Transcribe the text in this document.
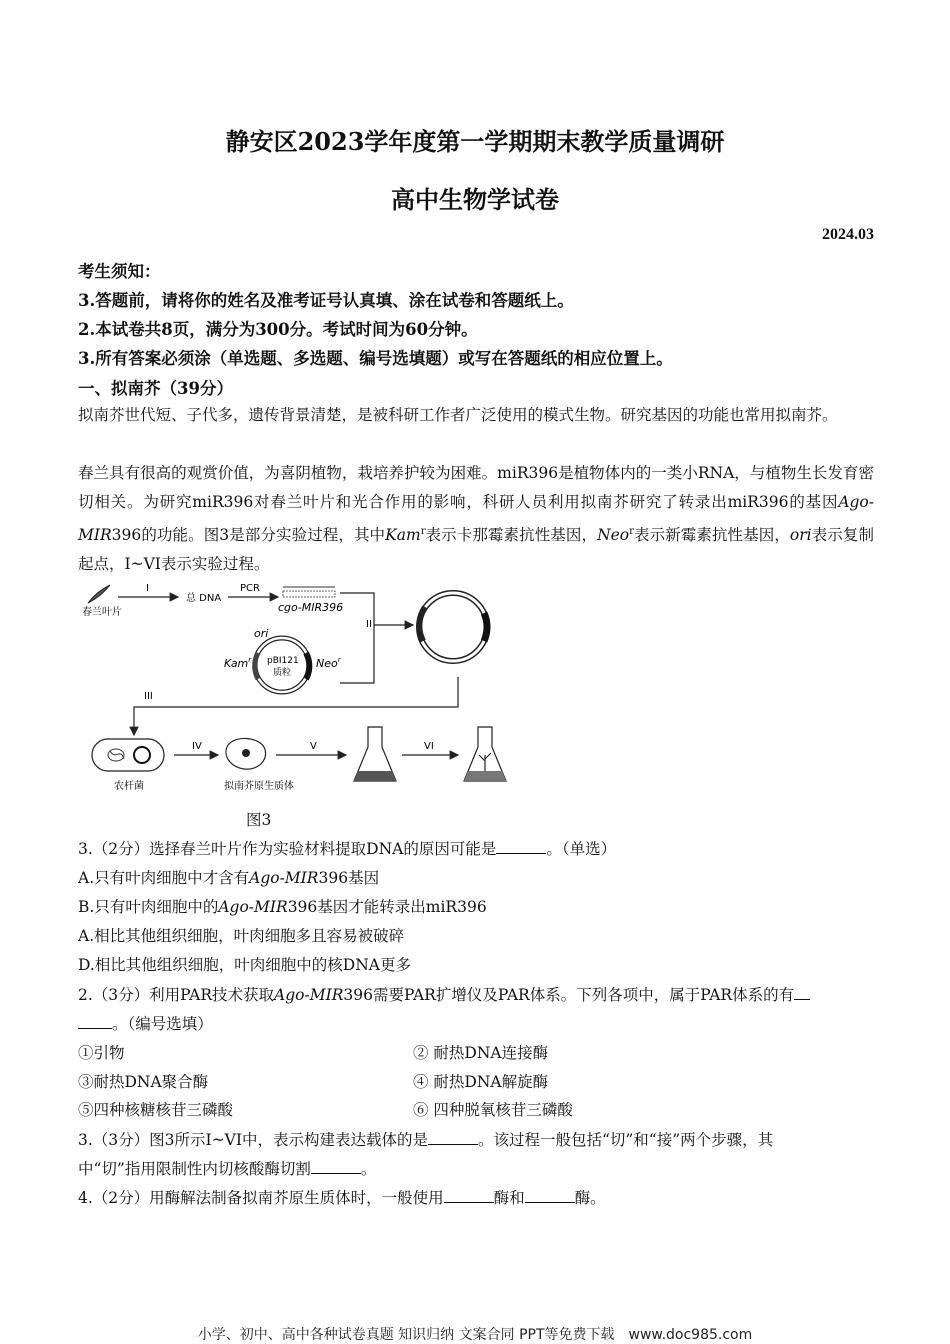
静安区2023学年度第一学期期末教学质量调研
高中生物学试卷
2024.03
考生须知：
3.答题前，请将你的姓名及准考证号认真填、涂在试卷和答题纸上。
2.本试卷共8页，满分为300分。考试时间为60分钟。
3.所有答案必须涂（单选题、多选题、编号选填题）或写在答题纸的相应位置上。
一、拟南芥（39分）
拟南芥世代短、子代多，遗传背景清楚，是被科研工作者广泛使用的模式生物。研究基因的功能也常用拟南芥。
春兰具有很高的观赏价值，为喜阴植物，栽培养护较为困难。miR396是植物体内的一类小RNA，与植物生长发育密切相关。为研究miR396对春兰叶片和光合作用的影响，科研人员利用拟南芥研究了转录出miR396的基因Ago-MIR396的功能。图3是部分实验过程，其中Kam$^r$表示卡那霉素抗性基因，Neo$^r$表示新霉素抗性基因，ori表示复制起点，I~VI表示实验过程。
春兰叶片
I
总 DNA
PCR
cgo-MIR396
II
ori
pBI121
质粒
Kam$^r$	Neo$^r$
III
农杆菌
IV
拟南芥原生质体
V	VI
图3
3.（2分）选择春兰叶片作为实验材料提取DNA的原因可能是	。（单选）
A.只有叶肉细胞中才含有Ago-MIR396基因
B.只有叶肉细胞中的Ago-MIR396基因才能转录出miR396
A.相比其他组织细胞，叶肉细胞多且容易被破碎
D.相比其他组织细胞，叶肉细胞中的核DNA更多
2.（3分）利用PAR技术获取Ago-MIR396需要PAR扩增仪及PAR体系。下列各项中，属于PAR体系的有
。（编号选填）
①引物	② 耐热DNA连接酶
③耐热DNA聚合酶	④ 耐热DNA解旋酶
⑤四种核糖核苷三磷酸	⑥ 四种脱氧核苷三磷酸
3.（3分）图3所示Ⅰ~VI中，表示构建表达载体的是	。该过程一般包括“切”和“接”两个步骤，其
中“切”指用限制性内切核酸酶切割	。
4.（2分）用酶解法制备拟南芥原生质体时，一般使用	酶和	酶。
小学、初中、高中各种试卷真题 知识归纳 文案合同 PPT等免费下载　www.doc985.com
